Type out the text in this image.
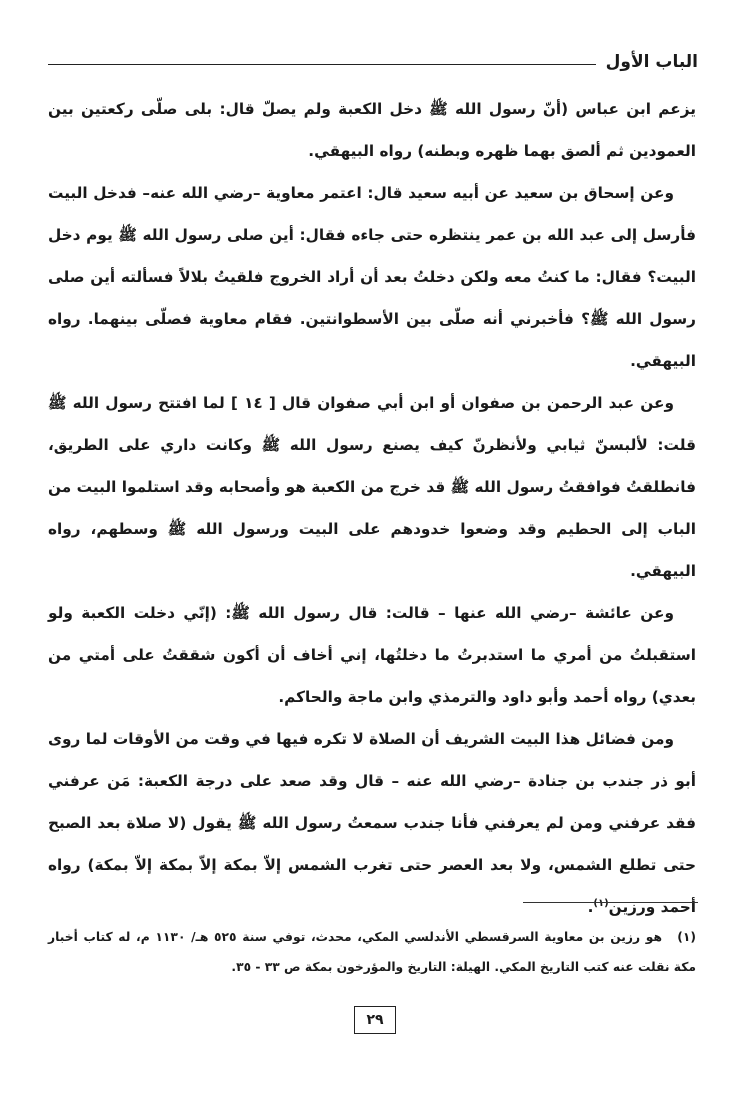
الباب الأول

يزعم ابن عباس (أنّ رسول الله ﷺ دخل الكعبة ولم يصلّ قال: بلى صلّى ركعتين بين العمودين ثم ألصق بهما ظهره وبطنه) رواه البيهقي.

وعن إسحاق بن سعيد عن أبيه سعيد قال: اعتمر معاوية –رضي الله عنه– فدخل البيت فأرسل إلى عبد الله بن عمر ينتظره حتى جاءه فقال: أين صلى رسول الله ﷺ يوم دخل البيت؟ فقال: ما كنتُ معه ولكن دخلتُ بعد أن أراد الخروج فلقيتُ بلالاً فسألته أين صلى رسول الله ﷺ؟ فأخبرني أنه صلّى بين الأسطوانتين. فقام معاوية فصلّى بينهما. رواه البيهقي.

وعن عبد الرحمن بن صفوان أو ابن أبي صفوان قال [ ١٤ ] لما افتتح رسول الله ﷺ قلت: لألبسنّ ثيابي ولأنظرنّ كيف يصنع رسول الله ﷺ وكانت داري على الطريق، فانطلقتُ فوافقتُ رسول الله ﷺ قد خرج من الكعبة هو وأصحابه وقد استلموا البيت من الباب إلى الحطيم وقد وضعوا خدودهم على البيت ورسول الله ﷺ وسطهم، رواه البيهقي.

وعن عائشة –رضي الله عنها – قالت: قال رسول الله ﷺ: (إنّي دخلت الكعبة ولو استقبلتُ من أمري ما استدبرتُ ما دخلتُها، إني أخاف أن أكون شققتُ على أمتي من بعدي) رواه أحمد وأبو داود والترمذي وابن ماجة والحاكم.

ومن فضائل هذا البيت الشريف أن الصلاة لا تكره فيها في وقت من الأوقات لما روى أبو ذر جندب بن جنادة –رضي الله عنه – قال وقد صعد على درجة الكعبة: مَن عرفني فقد عرفني ومن لم يعرفني فأنا جندب سمعتُ رسول الله ﷺ يقول (لا صلاة بعد الصبح حتى تطلع الشمس، ولا بعد العصر حتى تغرب الشمس إلاّ بمكة إلاّ بمكة إلاّ بمكة) رواه أحمد ورزين$^{(١)}$.

(١)هو رزين بن معاوية السرقسطي الأندلسي المكي، محدث، توفي سنة ٥٢٥ هـ/ ١١٣٠ م، له كتاب أخبار مكة نقلت عنه كتب التاريخ المكي. الهيلة: التاريخ والمؤرخون بمكة ص ٣٣ - ٣٥.

٢٩
